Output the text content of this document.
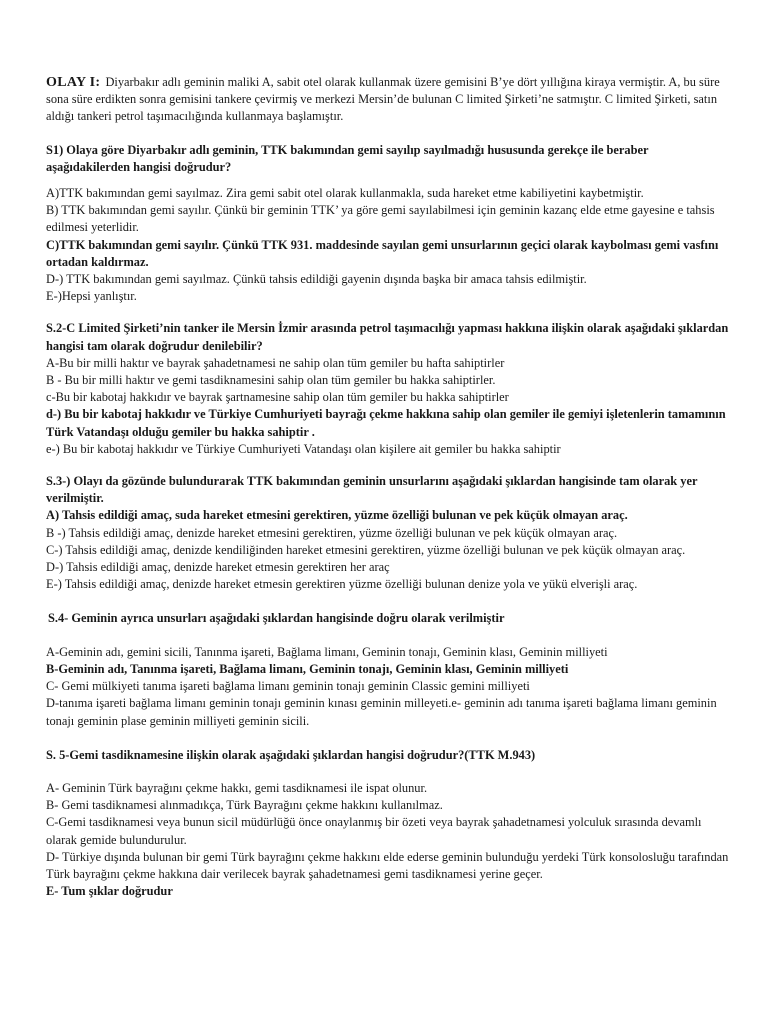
OLAY I: Diyarbakır adlı geminin maliki A, sabit otel olarak kullanmak üzere gemisini B’ye dört yıllığına kiraya vermiştir. A, bu süre sona süre erdikten sonra gemisini tankere çevirmiş ve merkezi Mersin’de bulunan C limited Şirketi’ne satmıştır. C limited Şirketi, satın aldığı tankeri petrol taşımacılığında kullanmaya başlamıştır.

S1) Olaya göre Diyarbakır adlı geminin, TTK bakımından gemi sayılıp sayılmadığı hususunda gerekçe ile beraber aşağıdakilerden hangisi doğrudur?

A)TTK bakımından gemi sayılmaz. Zira gemi sabit otel olarak kullanmakla, suda hareket etme kabiliyetini kaybetmiştir.

B) TTK bakımından gemi sayılır. Çünkü bir geminin TTK’ ya göre gemi sayılabilmesi için geminin kazanç elde etme gayesine e tahsis edilmesi yeterlidir.

C)TTK bakımından gemi sayılır. Çünkü TTK 931. maddesinde sayılan gemi unsurlarının geçici olarak kaybolması gemi vasfını ortadan kaldırmaz.

D-) TTK bakımından gemi sayılmaz. Çünkü tahsis edildiği gayenin dışında başka bir amaca tahsis edilmiştir.

E-)Hepsi yanlıştır.

S.2-C Limited Şirketi’nin tanker ile Mersin İzmir arasında petrol taşımacılığı yapması hakkına ilişkin olarak aşağıdaki şıklardan hangisi tam olarak doğrudur denilebilir?

A-Bu bir milli haktır ve bayrak şahadetnamesi ne sahip olan tüm gemiler bu hafta sahiptirler

B - Bu bir milli haktır ve gemi tasdiknamesini sahip olan tüm gemiler bu hakka sahiptirler.

c-Bu bir kabotaj hakkıdır ve bayrak şartnamesine sahip olan tüm gemiler bu hakka sahiptirler

d-) Bu bir kabotaj hakkıdır ve Türkiye Cumhuriyeti bayrağı çekme hakkına sahip olan gemiler ile gemiyi işletenlerin tamamının Türk Vatandaşı olduğu gemiler bu hakka sahiptir .

e-) Bu bir kabotaj hakkıdır ve Türkiye Cumhuriyeti Vatandaşı olan kişilere ait gemiler bu hakka sahiptir

S.3-) Olayı da gözünde bulundurarak TTK bakımından geminin unsurlarını aşağıdaki şıklardan hangisinde tam olarak yer verilmiştir.

A) Tahsis edildiği amaç, suda hareket etmesini gerektiren, yüzme özelliği bulunan ve pek küçük olmayan araç.

B -) Tahsis edildiği amaç, denizde hareket etmesini gerektiren, yüzme özelliği bulunan ve pek küçük olmayan araç.

C-) Tahsis edildiği amaç, denizde kendiliğinden hareket etmesini gerektiren, yüzme özelliği bulunan ve pek küçük olmayan araç.

D-) Tahsis edildiği amaç, denizde hareket etmesin gerektiren her araç

E-) Tahsis edildiği amaç, denizde hareket etmesin gerektiren yüzme özelliği bulunan denize yola ve yükü elverişli araç.

S.4- Geminin ayrıca unsurları aşağıdaki şıklardan hangisinde doğru olarak verilmiştir

A-Geminin adı, gemini sicili, Tanınma işareti, Bağlama limanı, Geminin tonajı, Geminin klası, Geminin milliyeti

B-Geminin adı, Tanınma işareti, Bağlama limanı, Geminin tonajı, Geminin klası, Geminin milliyeti

C- Gemi mülkiyeti tanıma işareti bağlama limanı geminin tonajı geminin Classic gemini milliyeti

D-tanıma işareti bağlama limanı geminin tonajı geminin kınası geminin milleyeti.e- geminin adı tanıma işareti bağlama limanı geminin tonajı geminin plase geminin milliyeti geminin sicili.

S. 5-Gemi tasdiknamesine ilişkin olarak aşağıdaki şıklardan hangisi doğrudur?(TTK M.943)

A- Geminin Türk bayrağını çekme hakkı, gemi tasdiknamesi ile ispat olunur.

B- Gemi tasdiknamesi alınmadıkça, Türk Bayrağını çekme hakkını kullanılmaz.

C-Gemi tasdiknamesi veya bunun sicil müdürlüğü önce onaylanmış bir özeti veya bayrak şahadetnamesi yolculuk sırasında devamlı olarak gemide bulundurulur.

D- Türkiye dışında bulunan bir gemi Türk bayrağını çekme hakkını elde ederse geminin bulunduğu yerdeki Türk konsolosluğu tarafından Türk bayrağını çekme hakkına dair verilecek bayrak şahadetnamesi gemi tasdiknamesi yerine geçer.

E- Tum şıklar doğrudur
